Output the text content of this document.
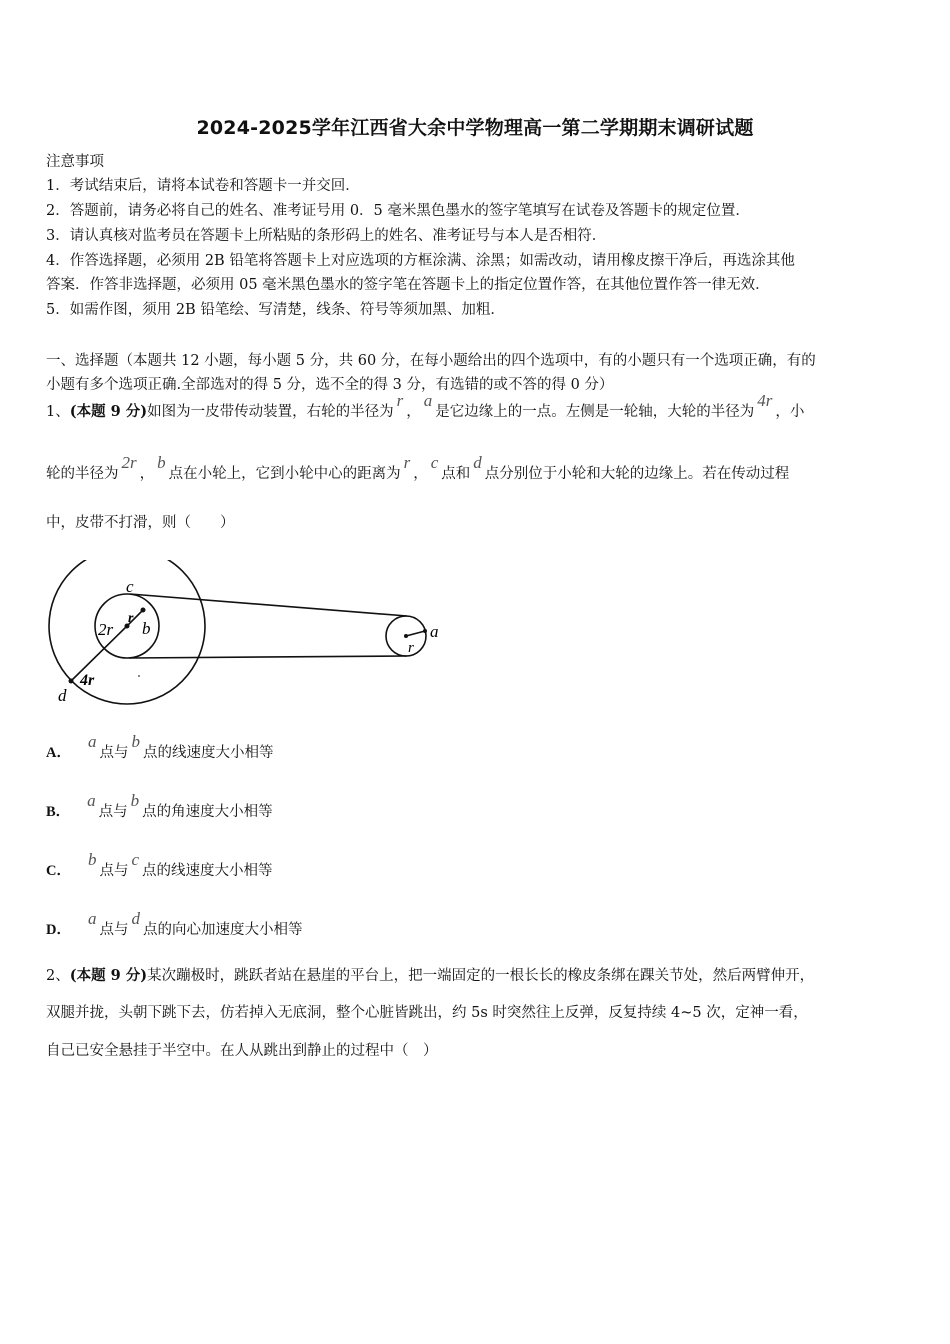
2024-2025学年江西省大余中学物理高一第二学期期末调研试题
注意事项
1．考试结束后，请将本试卷和答题卡一并交回．
2．答题前，请务必将自己的姓名、准考证号用 0．5 毫米黑色墨水的签字笔填写在试卷及答题卡的规定位置．
3．请认真核对监考员在答题卡上所粘贴的条形码上的姓名、准考证号与本人是否相符．
4．作答选择题，必须用 2B 铅笔将答题卡上对应选项的方框涂满、涂黑；如需改动，请用橡皮擦干净后，再选涂其他
答案．作答非选择题，必须用 05 毫米黑色墨水的签字笔在答题卡上的指定位置作答，在其他位置作答一律无效．
5．如需作图，须用 2B 铅笔绘、写清楚，线条、符号等须加黑、加粗．
一、选择题（本题共 12 小题，每小题 5 分，共 60 分，在每小题给出的四个选项中，有的小题只有一个选项正确，有的
小题有多个选项正确.全部选对的得 5 分，选不全的得 3 分，有选错的或不答的得 0 分）
1、(本题 9 分)如图为一皮带传动装置，右轮的半径为r，a是它边缘上的一点。左侧是一轮轴，大轮的半径为4r，小
轮的半径为2r，b点在小轮上，它到小轮中心的距离为r，c点和d点分别位于小轮和大轮的边缘上。若在传动过程
中，皮带不打滑，则（　　）
c
r
2r b
4r
d
a
r
A．a点与b点的线速度大小相等
B．a点与b点的角速度大小相等
C．b点与c点的线速度大小相等
D．a点与d点的向心加速度大小相等
2、(本题 9 分)某次蹦极时，跳跃者站在悬崖的平台上，把一端固定的一根长长的橡皮条绑在踝关节处，然后两臂伸开，
双腿并拢，头朝下跳下去，仿若掉入无底洞，整个心脏皆跳出，约 5s 时突然往上反弹，反复持续 4~5 次，定神一看，
自己已安全悬挂于半空中。在人从跳出到静止的过程中（　）
